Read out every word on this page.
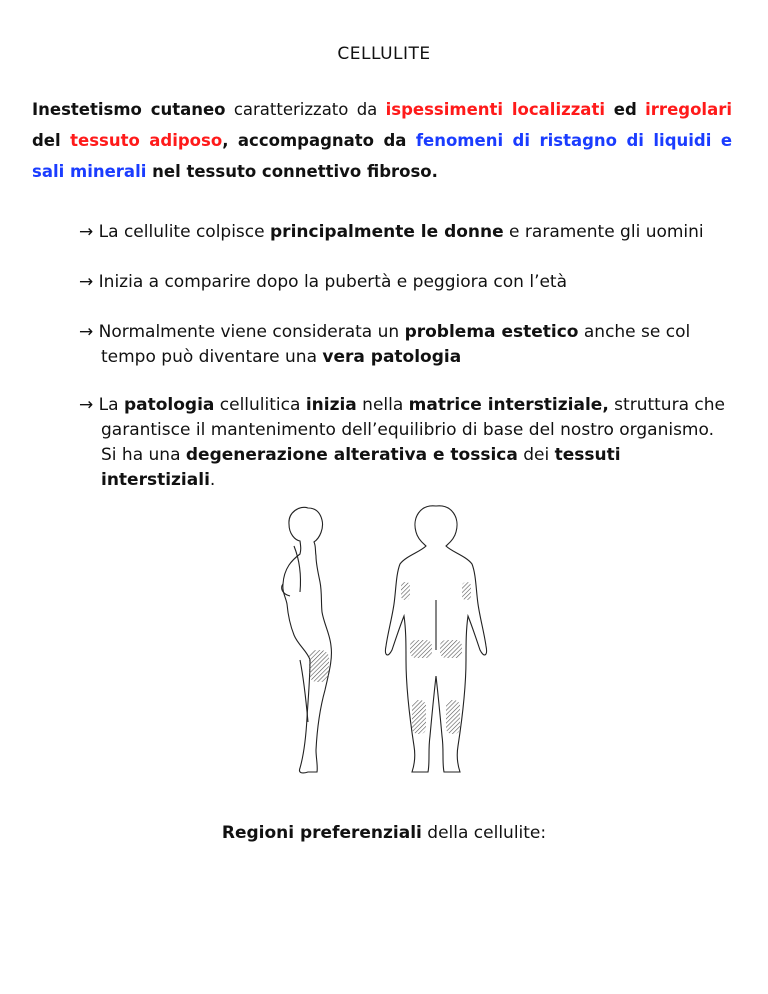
CELLULITE
Inestetismo cutaneo caratterizzato da ispessimenti localizzati ed irregolari del tessuto adiposo, accompagnato da fenomeni di ristagno di liquidi e sali minerali nel tessuto connettivo fibroso.
→ La cellulite colpisce principalmente le donne e raramente gli uomini
→ Inizia a comparire dopo la pubertà e peggiora con l’età
→ Normalmente viene considerata un problema estetico anche se col tempo può diventare una vera patologia
→ La patologia cellulitica inizia nella matrice interstiziale, struttura che garantisce il mantenimento dell’equilibrio di base del nostro organismo. Si ha una degenerazione alterativa e tossica dei tessuti interstiziali.
Regioni preferenziali della cellulite:
